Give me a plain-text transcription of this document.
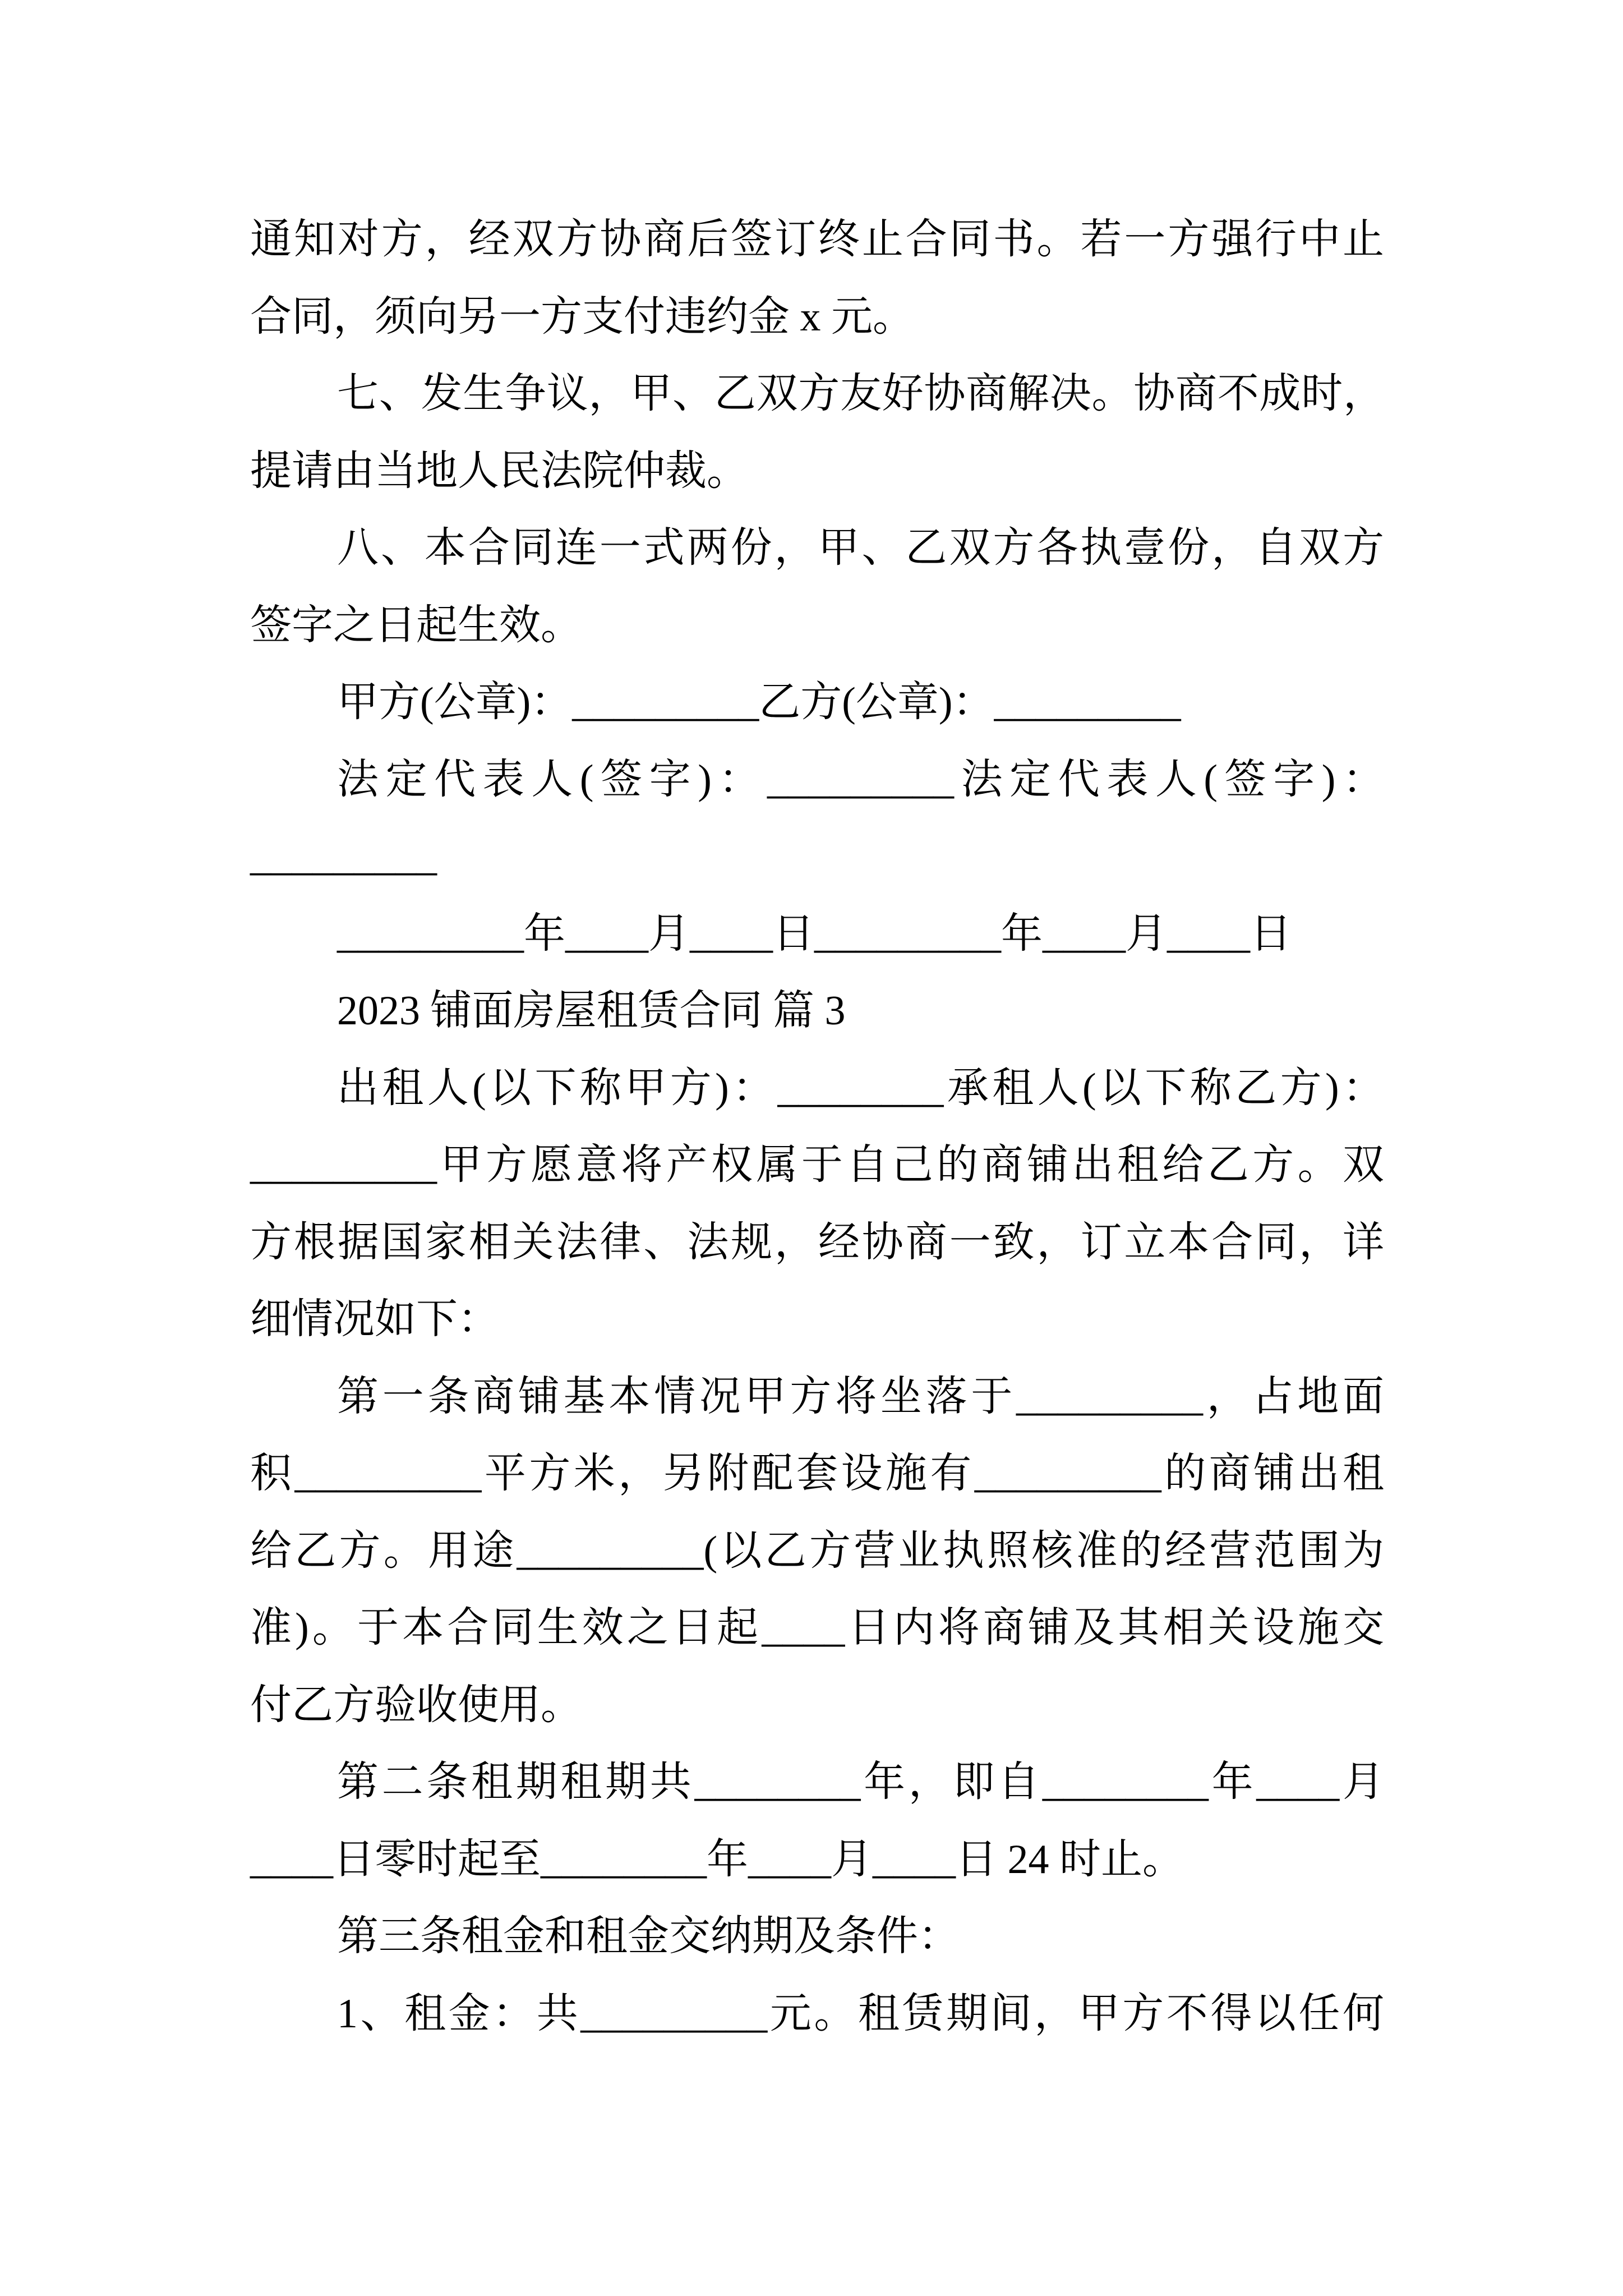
通知对方，经双方协商后签订终止合同书。若一方强行中止
合同，须向另一方支付违约金 x 元。
七、发生争议，甲、乙双方友好协商解决。协商不成时，
提请由当地人民法院仲裁。
八、本合同连一式两份，甲、乙双方各执壹份，自双方
签字之日起生效。
甲方(公章)：_________乙方(公章)：_________
法定代表人(签字)：_________法定代表人(签字)：
_________
_________年____月____日_________年____月____日
2023 铺面房屋租赁合同 篇 3
出租人(以下称甲方)：________承租人(以下称乙方)：
_________甲方愿意将产权属于自己的商铺出租给乙方。双
方根据国家相关法律、法规，经协商一致，订立本合同，详
细情况如下：
第一条商铺基本情况甲方将坐落于_________，占地面
积_________平方米，另附配套设施有_________的商铺出租
给乙方。用途_________(以乙方营业执照核准的经营范围为
准)。于本合同生效之日起____日内将商铺及其相关设施交
付乙方验收使用。
第二条租期租期共________年，即自________年____月
____日零时起至________年____月____日 24 时止。
第三条租金和租金交纳期及条件：
1、租金：共_________元。租赁期间，甲方不得以任何
